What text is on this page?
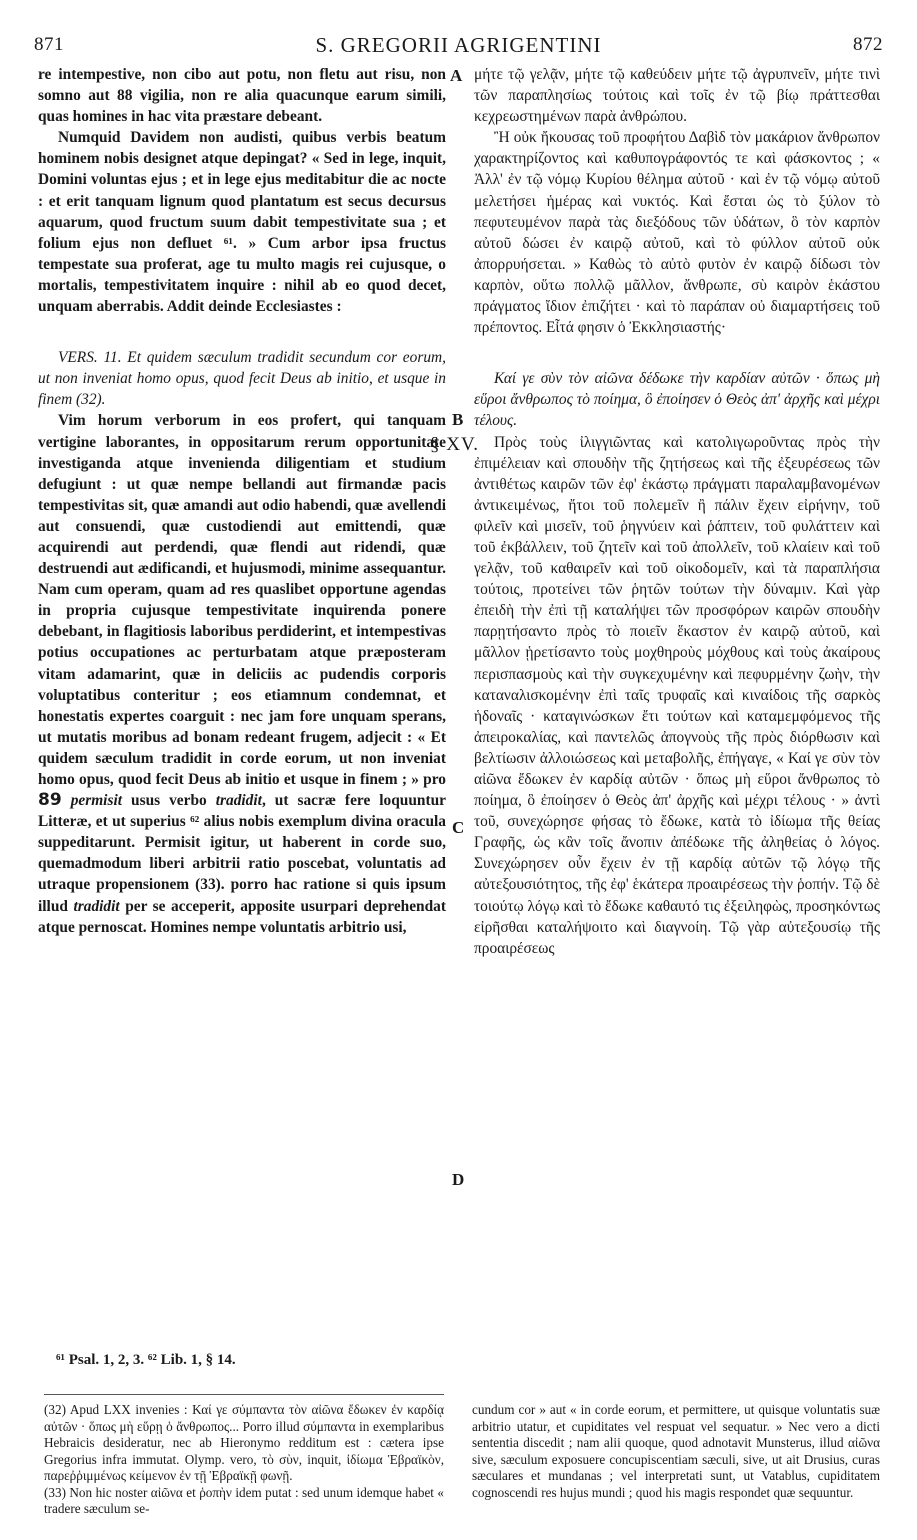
871	S. GREGORII AGRIGENTINI	872
A
B
C
D
§ XV.

re intempestive, non cibo aut potu, non fletu aut risu, non somno aut 88 vigilia, non re alia quacunque earum simili, quas homines in hac vita præstare debeant.

Numquid Davidem non audisti, quibus verbis beatum hominem nobis designet atque depingat? « Sed in lege, inquit, Domini voluntas ejus ; et in lege ejus meditabitur die ac nocte : et erit tanquam lignum quod plantatum est secus decursus aquarum, quod fructum suum dabit tempestivitate sua ; et folium ejus non defluet ⁶¹. » Cum arbor ipsa fructus tempestate sua proferat, age tu multo magis rei cujusque, o mortalis, tempestivitatem inquire : nihil ab eo quod decet, unquam aberrabis. Addit deinde Ecclesiastes :

VERS. 11. Et quidem sæculum tradidit secundum cor eorum, ut non inveniat homo opus, quod fecit Deus ab initio, et usque in finem (32).

Vim horum verborum in eos profert, qui tanquam vertigine laborantes, in oppositarum rerum opportunitate investiganda atque invenienda diligentiam et studium defugiunt : ut quæ nempe bellandi aut firmandæ pacis tempestivitas sit, quæ amandi aut odio habendi, quæ avellendi aut consuendi, quæ custodiendi aut emittendi, quæ acquirendi aut perdendi, quæ flendi aut ridendi, quæ destruendi aut ædificandi, et hujusmodi, minime assequantur. Nam cum operam, quam ad res quaslibet opportune agendas in propria cujusque tempestivitate inquirenda ponere debebant, in flagitiosis laboribus perdiderint, et intempestivas potius occupationes ac perturbatam atque præposteram vitam adamarint, quæ in deliciis ac pudendis corporis voluptatibus conteritur ; eos etiamnum condemnat, et honestatis expertes coarguit : nec jam fore unquam sperans, ut mutatis moribus ad bonam redeant frugem, adjecit : « Et quidem sæculum tradidit in corde eorum, ut non inveniat homo opus, quod fecit Deus ab initio et usque in finem ; » pro 89 permisit usus verbo tradidit, ut sacræ fere loquuntur Litteræ, et ut superius ⁶² alius nobis exemplum divina oracula suppeditarunt. Permisit igitur, ut haberent in corde suo, quemadmodum liberi arbitrii ratio poscebat, voluntatis ad utraque propensionem (33). porro hac ratione si quis ipsum illud tradidit per se acceperit, apposite usurpari deprehendat atque pernoscat. Homines nempe voluntatis arbitrio usi,

μήτε τῷ γελᾷν, μήτε τῷ καθεύδειν μήτε τῷ ἀγρυπνεῖν, μήτε τινὶ τῶν παραπλησίως τούτοις καὶ τοῖς ἐν τῷ βίῳ πράττεσθαι κεχρεωστημένων παρὰ ἀνθρώπου.

Ἢ οὐκ ἤκουσας τοῦ προφήτου Δαβὶδ τὸν μακάριον ἄνθρωπον χαρακτηρίζοντος καὶ καθυπογράφοντός τε καὶ φάσκοντος ; « Ἀλλ' ἐν τῷ νόμῳ Κυρίου θέλημα αὐτοῦ · καὶ ἐν τῷ νόμῳ αὐτοῦ μελετήσει ἡμέρας καὶ νυκτός. Καὶ ἔσται ὡς τὸ ξύλον τὸ πεφυτευμένον παρὰ τὰς διεξόδους τῶν ὑδάτων, ὃ τὸν καρπὸν αὐτοῦ δώσει ἐν καιρῷ αὐτοῦ, καὶ τὸ φύλλον αὐτοῦ οὐκ ἀπορρυήσεται. » Καθὼς τὸ αὐτὸ φυτὸν ἐν καιρῷ δίδωσι τὸν καρπὸν, οὕτω πολλῷ μᾶλλον, ἄνθρωπε, σὺ καιρὸν ἑκάστου πράγματος ἴδιον ἐπιζήτει · καὶ τὸ παράπαν οὐ διαμαρτήσεις τοῦ πρέποντος. Εἶτά φησιν ὁ Ἐκκλησιαστής·

Καί γε σὺν τὸν αἰῶνα δέδωκε τὴν καρδίαν αὐτῶν · ὅπως μὴ εὕροι ἄνθρωπος τὸ ποίημα, ὃ ἐποίησεν ὁ Θεὸς ἀπ' ἀρχῆς καὶ μέχρι τέλους.

Πρὸς τοὺς ἰλιγγιῶντας καὶ κατολιγωροῦντας πρὸς τὴν ἐπιμέλειαν καὶ σπουδὴν τῆς ζητήσεως καὶ τῆς ἐξευρέσεως τῶν ἀντιθέτως καιρῶν τῶν ἐφ' ἑκάστῳ πράγματι παραλαμβανομένων ἀντικειμένως, ἤτοι τοῦ πολεμεῖν ἢ πάλιν ἔχειν εἰρήνην, τοῦ φιλεῖν καὶ μισεῖν, τοῦ ῥηγνύειν καὶ ῥάπτειν, τοῦ φυλάττειν καὶ τοῦ ἐκβάλλειν, τοῦ ζητεῖν καὶ τοῦ ἀπολλεῖν, τοῦ κλαίειν καὶ τοῦ γελᾷν, τοῦ καθαιρεῖν καὶ τοῦ οἰκοδομεῖν, καὶ τὰ παραπλήσια τούτοις, προτείνει τῶν ῥητῶν τούτων τὴν δύναμιν. Καὶ γὰρ ἐπειδὴ τὴν ἐπὶ τῇ καταλήψει τῶν προσφόρων καιρῶν σπουδὴν παρῃτήσαντο πρὸς τὸ ποιεῖν ἕκαστον ἐν καιρῷ αὐτοῦ, καὶ μᾶλλον ᾑρετίσαντο τοὺς μοχθηροὺς μόχθους καὶ τοὺς ἀκαίρους περισπασμοὺς καὶ τὴν συγκεχυμένην καὶ πεφυρμένην ζωὴν, τὴν καταναλισκομένην ἐπὶ ταῖς τρυφαῖς καὶ κιναίδοις τῆς σαρκὸς ἡδοναῖς · καταγινώσκων ἔτι τούτων καὶ καταμεμφόμενος τῆς ἀπειροκαλίας, καὶ παντελῶς ἀπογνοὺς τῆς πρὸς διόρθωσιν καὶ βελτίωσιν ἀλλοιώσεως καὶ μεταβολῆς, ἐπήγαγε, « Καί γε σὺν τὸν αἰῶνα ἔδωκεν ἐν καρδίᾳ αὐτῶν · ὅπως μὴ εὕροι ἄνθρωπος τὸ ποίημα, ὃ ἐποίησεν ὁ Θεὸς ἀπ' ἀρχῆς καὶ μέχρι τέλους · » ἀντὶ τοῦ, συνεχώρησε φήσας τὸ ἔδωκε, κατὰ τὸ ἰδίωμα τῆς θείας Γραφῆς, ὡς κἂν τοῖς ἄνοπιν ἀπέδωκε τῆς ἀληθείας ὁ λόγος. Συνεχώρησεν οὖν ἔχειν ἐν τῇ καρδίᾳ αὐτῶν τῷ λόγῳ τῆς αὐτεξουσιότητος, τῆς ἐφ' ἑκάτερα προαιρέσεως τὴν ῥοπήν. Τῷ δὲ τοιούτῳ λόγῳ καὶ τὸ ἔδωκε καθαυτό τις ἐξειληφὼς, προσηκόντως εἰρῆσθαι καταλήψοιτο καὶ διαγνοίη. Τῷ γὰρ αὐτεξουσίῳ τῆς προαιρέσεως

⁶¹ Psal. 1, 2, 3. ⁶² Lib. 1, § 14.

(32) Apud LXX invenies : Καί γε σύμπαντα τὸν αἰῶνα ἔδωκεν ἐν καρδίᾳ αὐτῶν · ὅπως μὴ εὕρῃ ὁ ἄνθρωπος... Porro illud σύμπαντα in exemplaribus Hebraicis desideratur, nec ab Hieronymo redditum est : cætera ipse Gregorius infra immutat. Olymp. vero, τὸ σὺν, inquit, ἰδίωμα Ἑβραϊκὸν, παρεῤῥιμμένως κείμενον ἐν τῇ Ἑβραϊκῇ φωνῇ.

(33) Non hic noster αἰῶνα et ῥοπὴν idem putat : sed unum idemque habet « tradere sæculum se-

cundum cor » aut « in corde eorum, et permittere, ut quisque voluntatis suæ arbitrio utatur, et cupiditates vel respuat vel sequatur. » Nec vero a dicti sententia discedit ; nam alii quoque, quod adnotavit Munsterus, illud αἰῶνα sive, sæculum exposuere concupiscentiam sæculi, sive, ut ait Drusius, curas sæculares et mundanas ; vel interpretati sunt, ut Vatablus, cupiditatem cognoscendi res hujus mundi ; quod his magis respondet quæ sequuntur.
